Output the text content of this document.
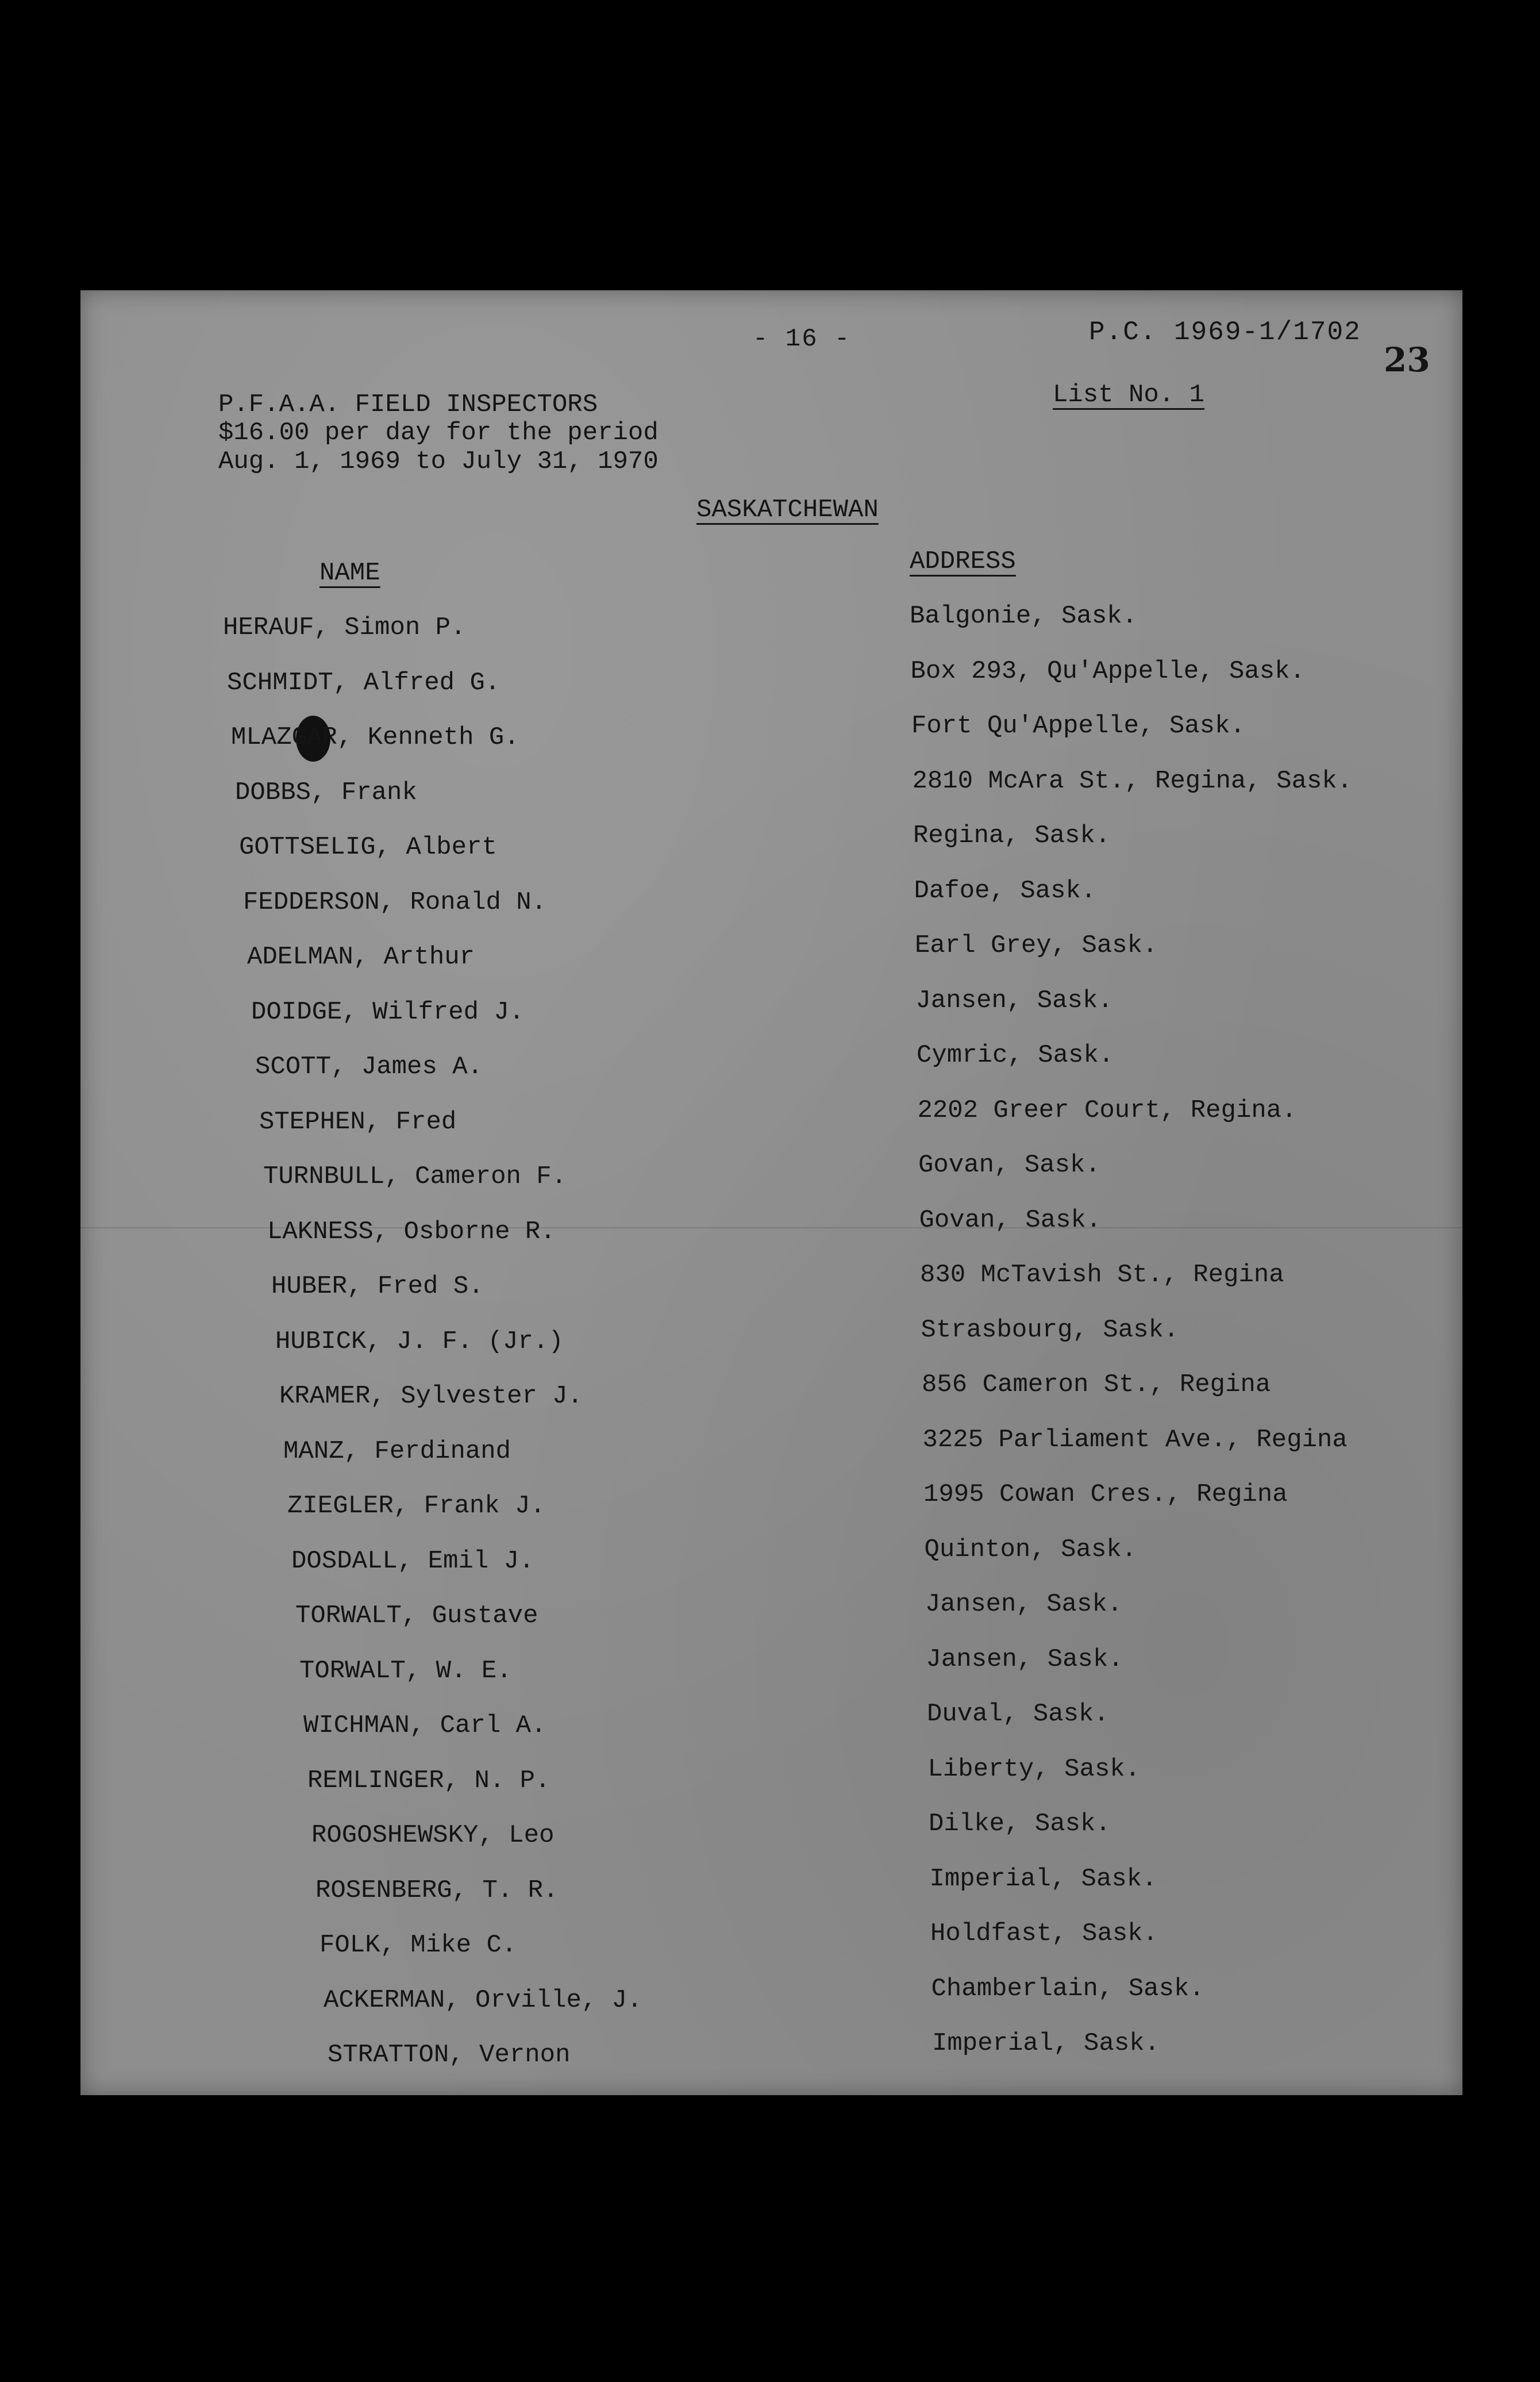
- 16 -	P.C. 1969-1/1702
23
List No. 1
P.F.A.A. FIELD INSPECTORS
$16.00 per day for the period
Aug. 1, 1969 to July 31, 1970
SASKATCHEWAN
NAME	ADDRESS
HERAUF, Simon P.	Balgonie, Sask.
SCHMIDT, Alfred G.	Box 293, Qu'Appelle, Sask.
MLAZGAR, Kenneth G.	Fort Qu'Appelle, Sask.
DOBBS, Frank	2810 McAra St., Regina, Sask.
GOTTSELIG, Albert	Regina, Sask.
FEDDERSON, Ronald N.	Dafoe, Sask.
ADELMAN, Arthur	Earl Grey, Sask.
DOIDGE, Wilfred J.	Jansen, Sask.
SCOTT, James A.	Cymric, Sask.
STEPHEN, Fred	2202 Greer Court, Regina.
TURNBULL, Cameron F.	Govan, Sask.
LAKNESS, Osborne R.	Govan, Sask.
HUBER, Fred S.	830 McTavish St., Regina
HUBICK, J. F. (Jr.)	Strasbourg, Sask.
KRAMER, Sylvester J.	856 Cameron St., Regina
MANZ, Ferdinand	3225 Parliament Ave., Regina
ZIEGLER, Frank J.	1995 Cowan Cres., Regina
DOSDALL, Emil J.	Quinton, Sask.
TORWALT, Gustave	Jansen, Sask.
TORWALT, W. E.	Jansen, Sask.
WICHMAN, Carl A.	Duval, Sask.
REMLINGER, N. P.	Liberty, Sask.
ROGOSHEWSKY, Leo	Dilke, Sask.
ROSENBERG, T. R.	Imperial, Sask.
FOLK, Mike C.	Holdfast, Sask.
ACKERMAN, Orville, J.	Chamberlain, Sask.
STRATTON, Vernon	Imperial, Sask.
